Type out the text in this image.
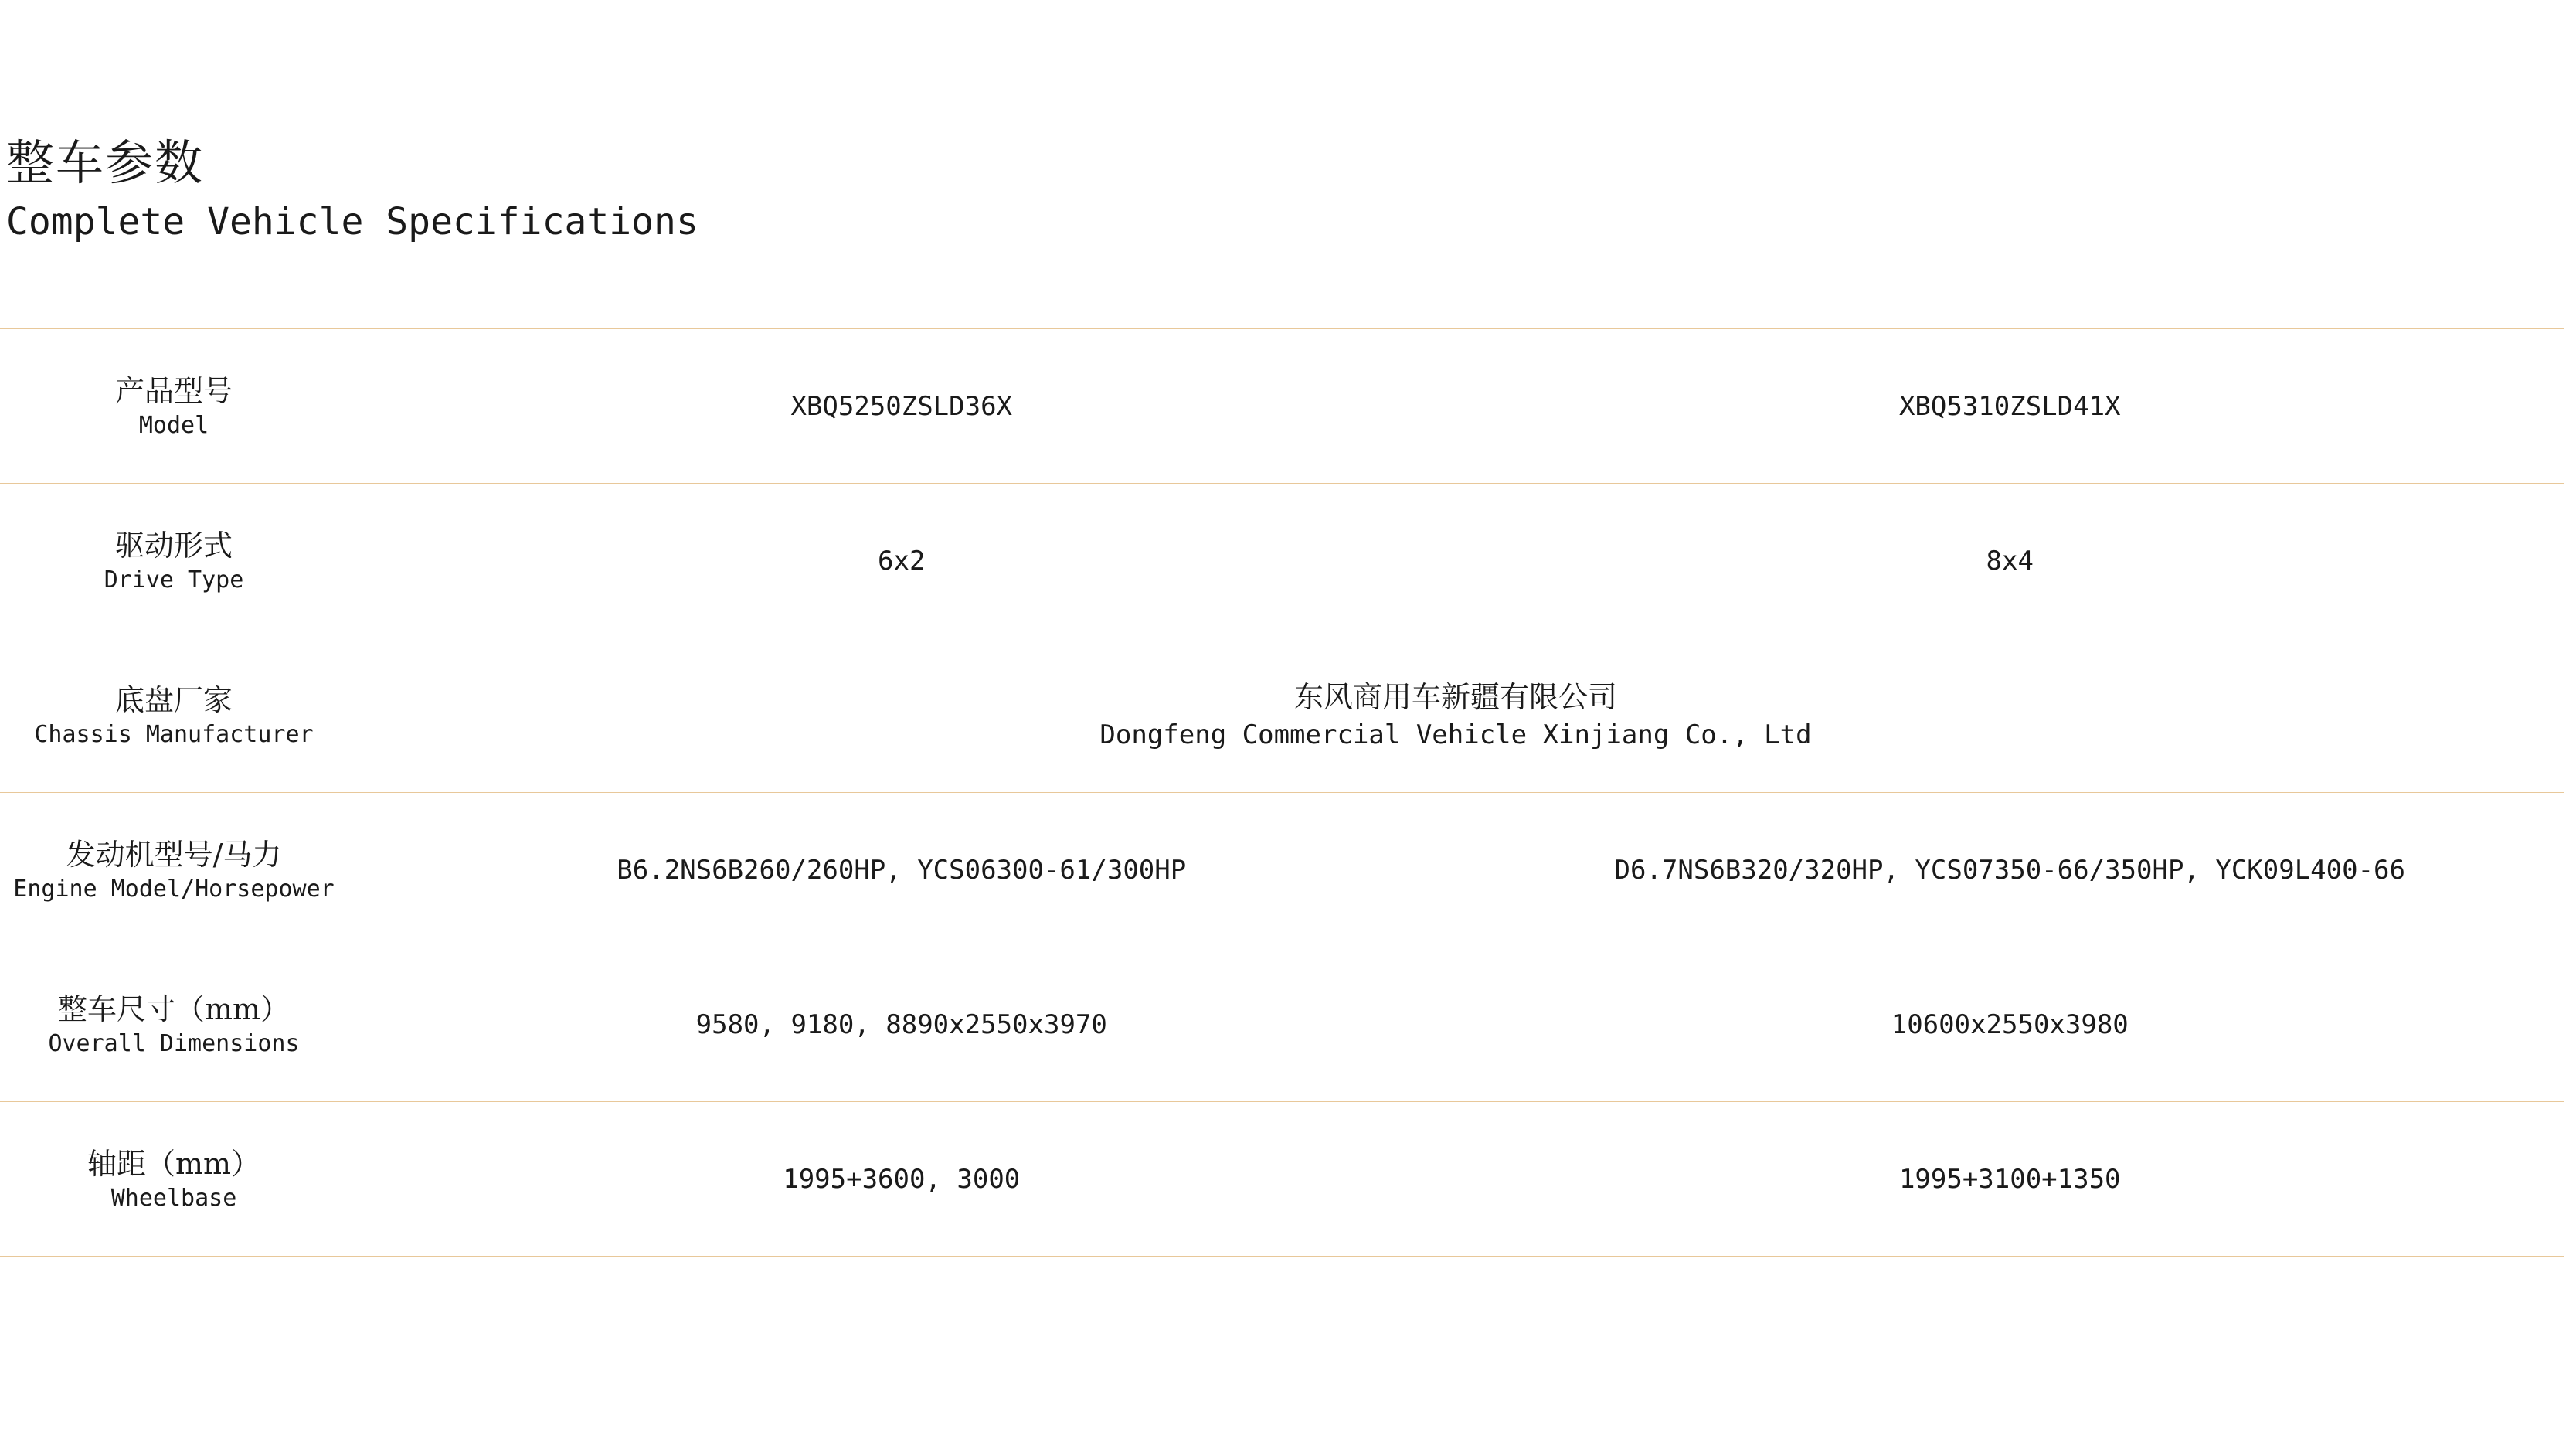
整车参数
Complete Vehicle Specifications
产品型号
Model	XBQ5250ZSLD36X	XBQ5310ZSLD41X

驱动形式
Drive Type	6x2	8x4

底盘厂家
Chassis Manufacturer

东风商用车新疆有限公司
Dongfeng Commercial Vehicle Xinjiang Co., Ltd

发动机型号/马力
Engine Model/Horsepower	B6.2NS6B260/260HP, YCS06300-61/300HP	D6.7NS6B320/320HP, YCS07350-66/350HP, YCK09L400-66

整车尺寸（mm）
Overall Dimensions	9580, 9180, 8890x2550x3970	10600x2550x3980

轴距（mm）
Wheelbase	1995+3600, 3000	1995+3100+1350
